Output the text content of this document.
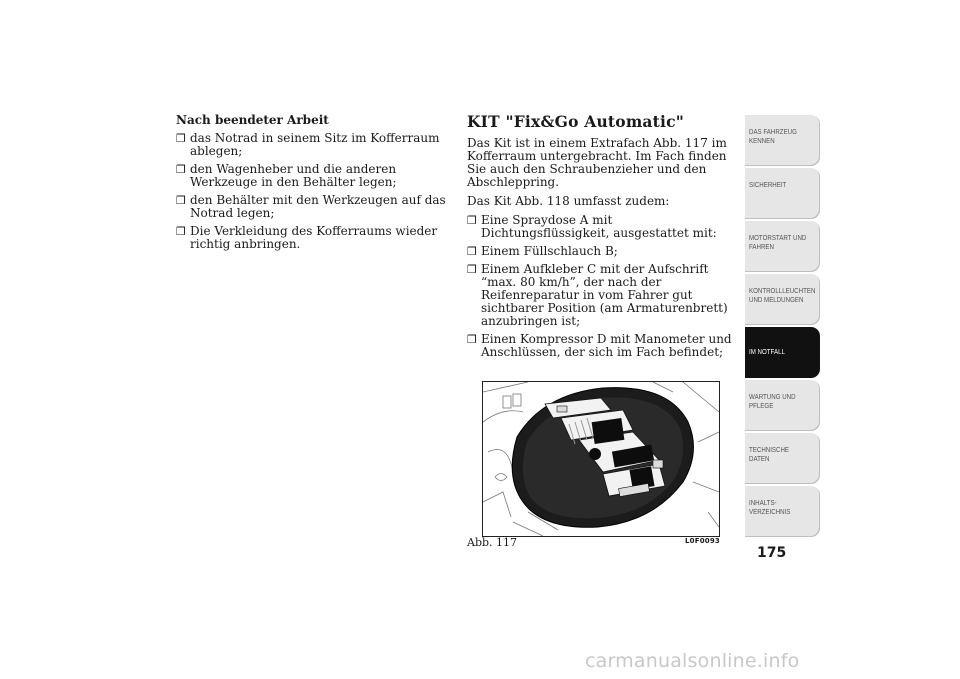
Nach beendeter Arbeit
❒ das Notrad in seinem Sitz im Kofferraum ablegen;
❒ den Wagenheber und die anderen Werkzeuge in den Behälter legen;
❒ den Behälter mit den Werkzeugen auf das Notrad legen;
❒ Die Verkleidung des Kofferraums wieder richtig anbringen.
KIT "Fix&Go Automatic"

Das Kit ist in einem Extrafach Abb. 117 im Kofferraum untergebracht. Im Fach finden Sie auch den Schraubenzieher und den Abschleppring.

Das Kit Abb. 118 umfasst zudem:

❒ Eine Spraydose A mit Dichtungsflüssigkeit, ausgestattet mit:
❒ Einem Füllschlauch B;
❒ Einem Aufkleber C mit der Aufschrift “max. 80 km/h”, der nach der Reifenreparatur in vom Fahrer gut sichtbarer Position (am Armaturenbrett) anzubringen ist;
❒ Einen Kompressor D mit Manometer und Anschlüssen, der sich im Fach befindet;
Abb. 117	L0F0093
DAS FAHRZEUG
KENNEN
SICHERHEIT
MOTORSTART UND
FAHREN
KONTROLLLEUCHTEN
UND MELDUNGEN
IM NOTFALL
WARTUNG UND
PFLEGE
TECHNISCHE
DATEN
INHALTS-
VERZEICHNIS
175
carmanualsonline.info
